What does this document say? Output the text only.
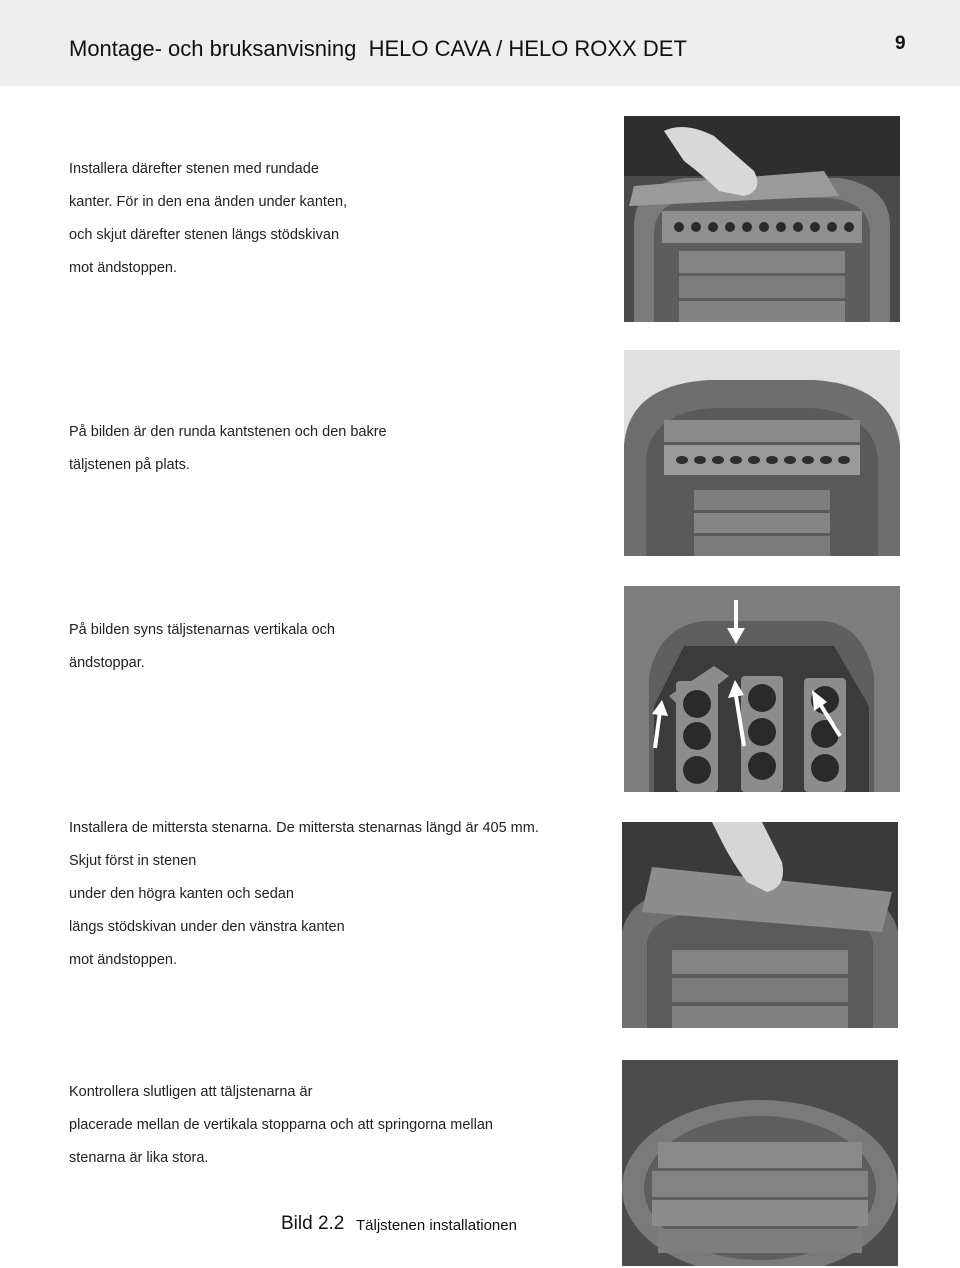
Montage- och bruksanvisning  HELO CAVA / HELO ROXX DET	9
Installera därefter stenen med rundade
kanter. För in den ena änden under kanten,
och skjut därefter stenen längs stödskivan
mot ändstoppen.
På bilden är den runda kantstenen och den bakre
täljstenen på plats.
På bilden syns täljstenarnas vertikala och
ändstoppar.
Installera de mittersta stenarna. De mittersta stenarnas längd är 405 mm.
Skjut först in stenen
under den högra kanten och sedan
längs stödskivan under den vänstra kanten
mot ändstoppen.
Kontrollera slutligen att täljstenarna är
placerade mellan de vertikala stopparna och att springorna mellan
stenarna är lika stora.
Bild 2.2 Täljstenen installationen
